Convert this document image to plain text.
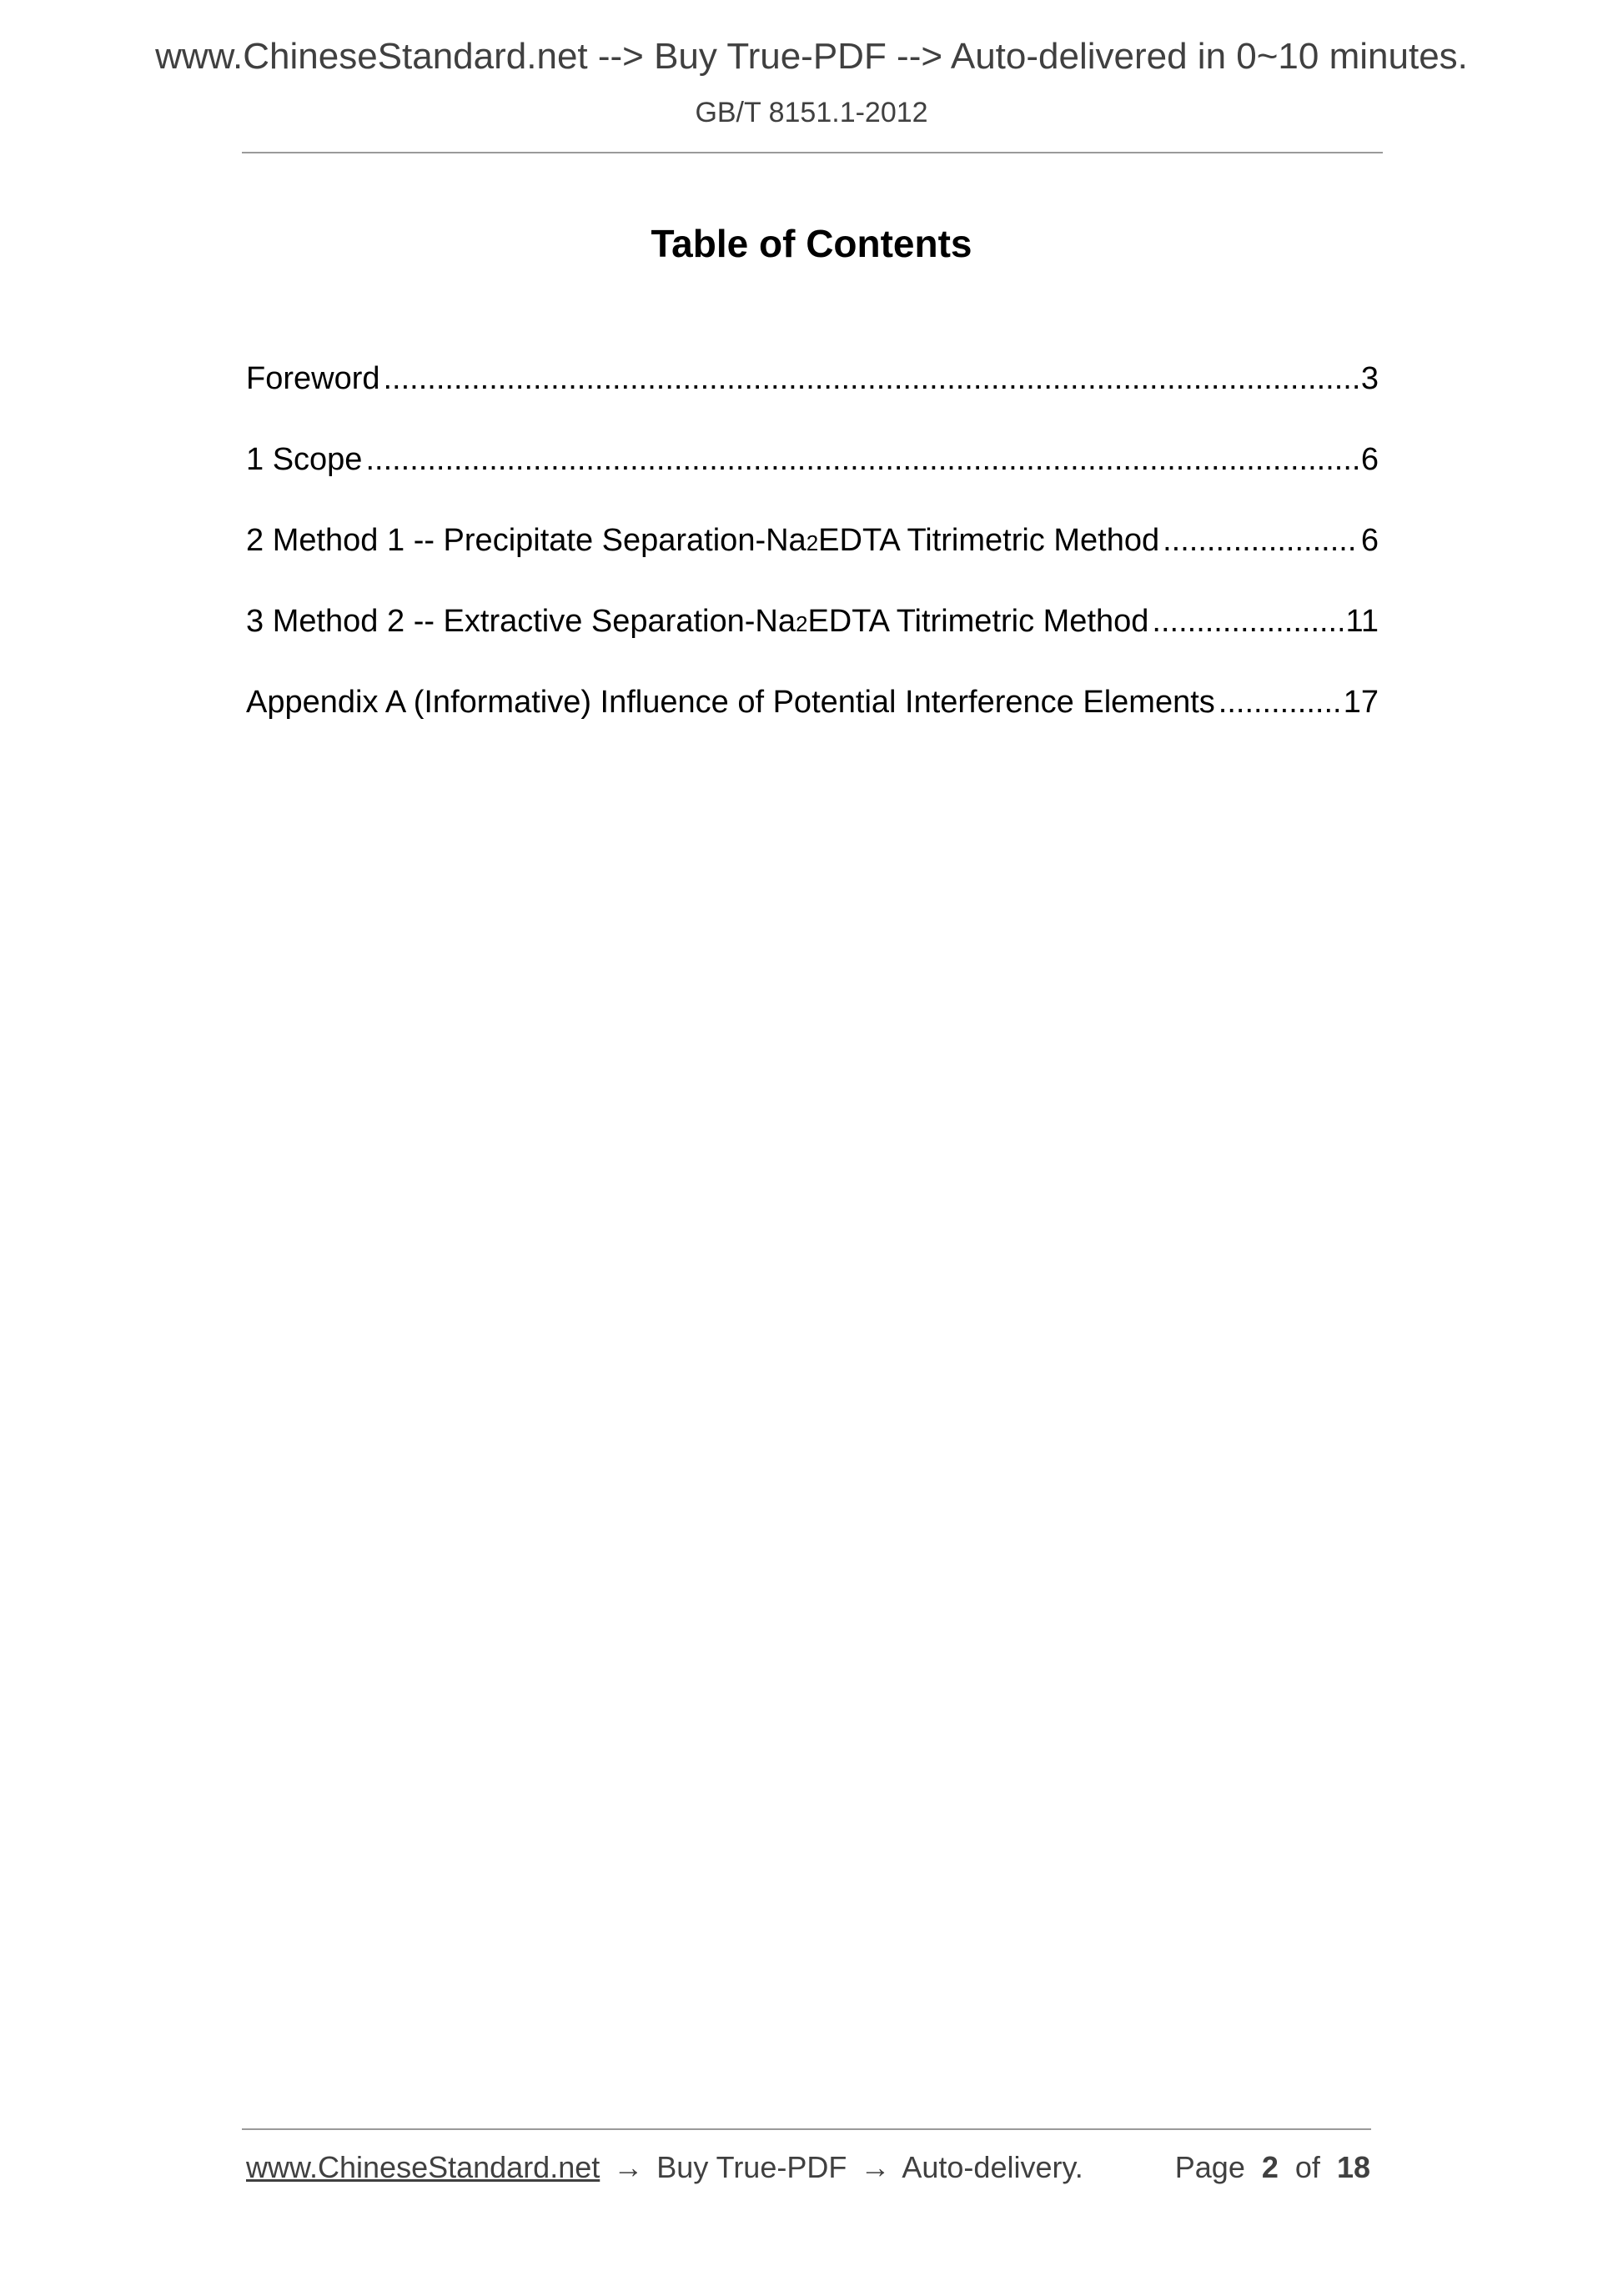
www.ChineseStandard.net --> Buy True-PDF --> Auto-delivered in 0~10 minutes.
GB/T 8151.1-2012
Table of Contents
Foreword .....	3
1 Scope .....	6
2 Method 1 -- Precipitate Separation-Na2EDTA Titrimetric Method .....	6
3 Method 2 -- Extractive Separation-Na2EDTA Titrimetric Method .....	11
Appendix A (Informative) Influence of Potential Interference Elements .....	17
www.ChineseStandard.net → Buy True-PDF → Auto-delivery.	Page 2 of 18
